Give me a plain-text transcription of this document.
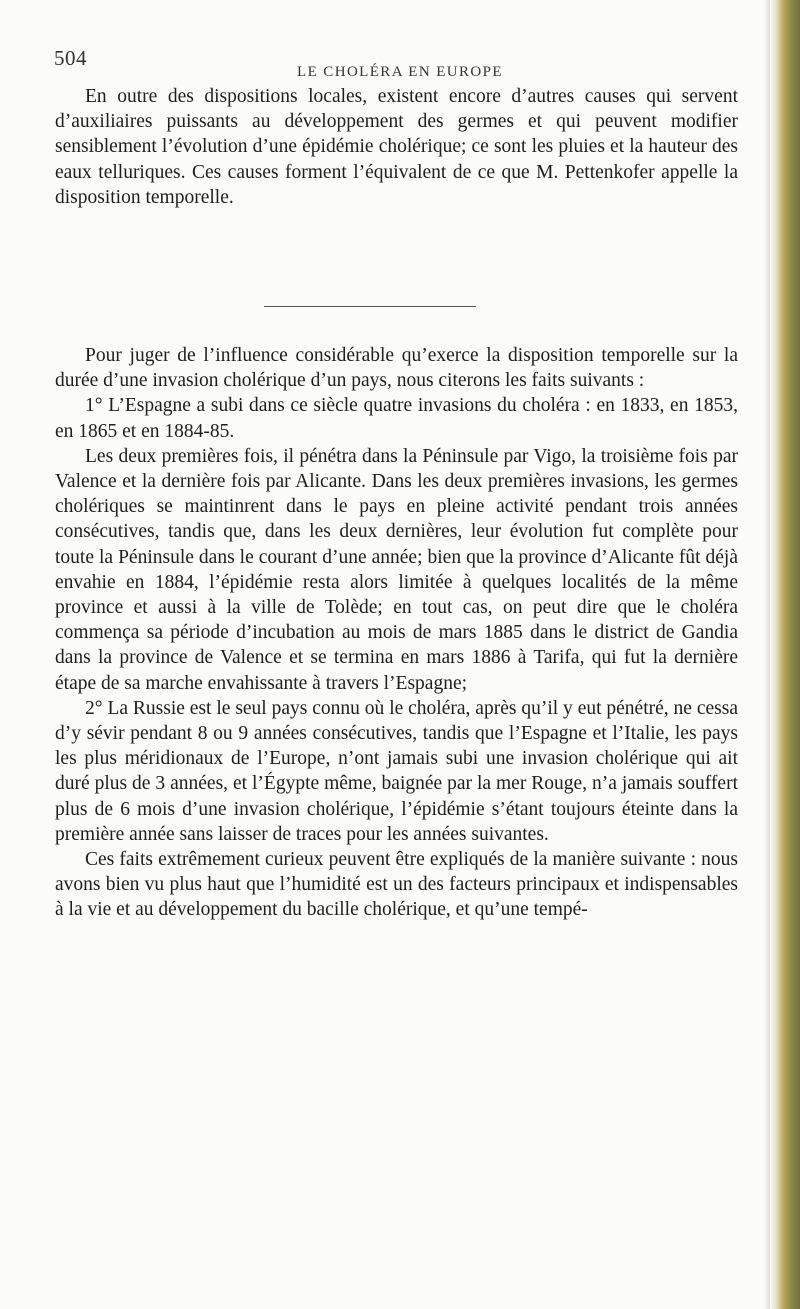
504
LE CHOLÉRA EN EUROPE

En outre des dispositions locales, existent encore d’autres causes qui servent d’auxiliaires puissants au développement des germes et qui peuvent modifier sensiblement l’évolution d’une épidémie cholérique; ce sont les pluies et la hauteur des eaux telluriques. Ces causes forment l’équivalent de ce que M. Pettenkofer appelle la disposition temporelle.

Pour juger de l’influence considérable qu’exerce la disposition temporelle sur la durée d’une invasion cholérique d’un pays, nous citerons les faits suivants :

1° L’Espagne a subi dans ce siècle quatre invasions du choléra : en 1833, en 1853, en 1865 et en 1884-85.

Les deux premières fois, il pénétra dans la Péninsule par Vigo, la troisième fois par Valence et la dernière fois par Alicante. Dans les deux premières invasions, les germes cholériques se maintinrent dans le pays en pleine activité pendant trois années consécutives, tandis que, dans les deux dernières, leur évolution fut complète pour toute la Péninsule dans le courant d’une année; bien que la province d’Alicante fût déjà envahie en 1884, l’épidémie resta alors limitée à quelques localités de la même province et aussi à la ville de Tolède; en tout cas, on peut dire que le choléra commença sa période d’incubation au mois de mars 1885 dans le district de Gandia dans la province de Valence et se termina en mars 1886 à Tarifa, qui fut la dernière étape de sa marche envahissante à travers l’Espagne;

2° La Russie est le seul pays connu où le choléra, après qu’il y eut pénétré, ne cessa d’y sévir pendant 8 ou 9 années consécutives, tandis que l’Espagne et l’Italie, les pays les plus méridionaux de l’Europe, n’ont jamais subi une invasion cholérique qui ait duré plus de 3 années, et l’Égypte même, baignée par la mer Rouge, n’a jamais souffert plus de 6 mois d’une invasion cholérique, l’épidémie s’étant toujours éteinte dans la première année sans laisser de traces pour les années suivantes.

Ces faits extrêmement curieux peuvent être expliqués de la manière suivante : nous avons bien vu plus haut que l’humidité est un des facteurs principaux et indispensables à la vie et au développement du bacille cholérique, et qu’une tempé-
